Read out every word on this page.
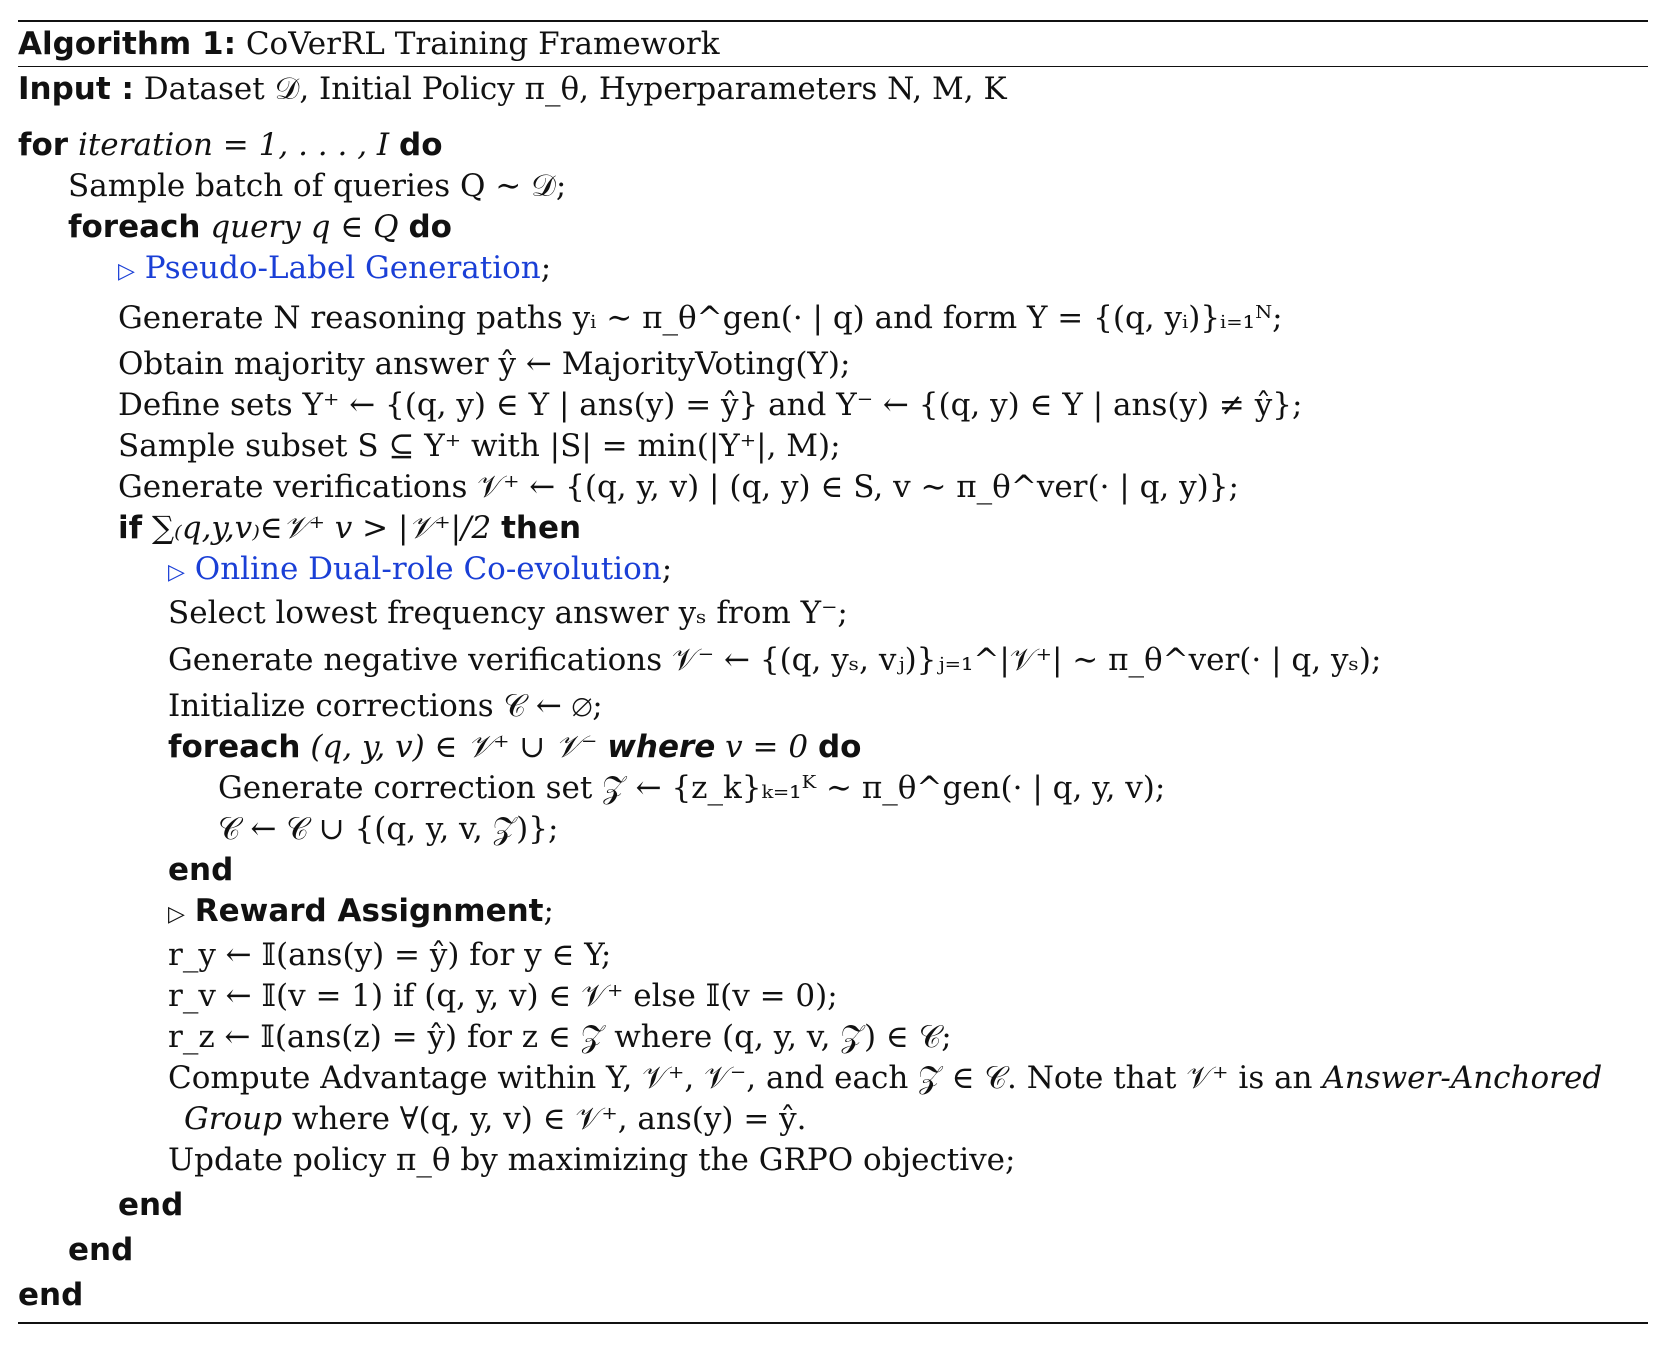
Algorithm 1: CoVerRL Training Framework
Input : Dataset 𝒟, Initial Policy π_θ, Hyperparameters N, M, K
for iteration = 1, . . . , I do
Sample batch of queries Q ∼ 𝒟;
foreach query q ∈ Q do
▷ Pseudo-Label Generation;
Generate N reasoning paths yᵢ ∼ π_θ^gen(· | q) and form Y = {(q, yᵢ)}ᵢ₌₁ᴺ;
Obtain majority answer ŷ ← MajorityVoting(Y);
Define sets Y⁺ ← {(q, y) ∈ Y | ans(y) = ŷ} and Y⁻ ← {(q, y) ∈ Y | ans(y) ≠ ŷ};
Sample subset S ⊆ Y⁺ with |S| = min(|Y⁺|, M);
Generate verifications 𝒱⁺ ← {(q, y, v) | (q, y) ∈ S, v ∼ π_θ^ver(· | q, y)};
if ∑₍q,y,v₎∈𝒱⁺ v > |𝒱⁺|/2 then
▷ Online Dual-role Co-evolution;
Select lowest frequency answer yₛ from Y⁻;
Generate negative verifications 𝒱⁻ ← {(q, yₛ, vⱼ)}ⱼ₌₁^|𝒱⁺| ∼ π_θ^ver(· | q, yₛ);
Initialize corrections 𝒞 ← ∅;
foreach (q, y, v) ∈ 𝒱⁺ ∪ 𝒱⁻ where v = 0 do
Generate correction set 𝒵 ← {z_k}ₖ₌₁ᴷ ∼ π_θ^gen(· | q, y, v);
𝒞 ← 𝒞 ∪ {(q, y, v, 𝒵)};
end
▷ Reward Assignment;
r_y ← 𝕀(ans(y) = ŷ) for y ∈ Y;
r_v ← 𝕀(v = 1) if (q, y, v) ∈ 𝒱⁺ else 𝕀(v = 0);
r_z ← 𝕀(ans(z) = ŷ) for z ∈ 𝒵 where (q, y, v, 𝒵) ∈ 𝒞;
Compute Advantage within Y, 𝒱⁺, 𝒱⁻, and each 𝒵 ∈ 𝒞. Note that 𝒱⁺ is an Answer-Anchored
Group where ∀(q, y, v) ∈ 𝒱⁺, ans(y) = ŷ.
Update policy π_θ by maximizing the GRPO objective;
end
end
end
